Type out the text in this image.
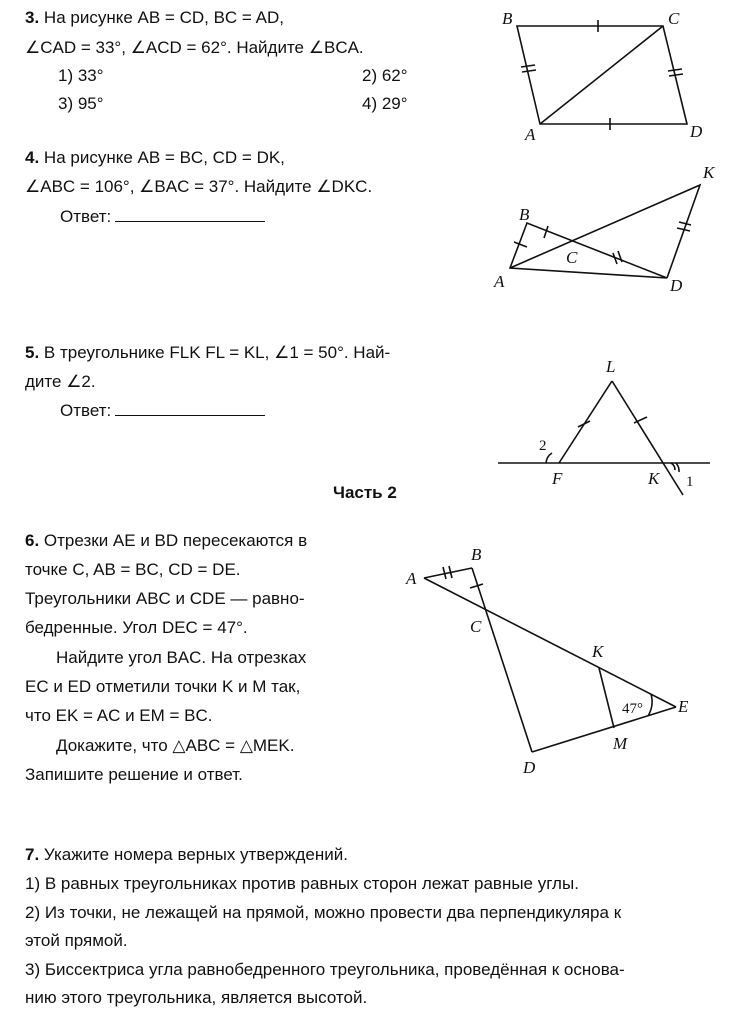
3. На рисунке AB = CD, BC = AD,
∠CAD = 33°, ∠ACD = 62°. Найдите ∠BCA.
1) 33°	2) 62°
3) 95°	4) 29°
B	C
A	D
4. На рисунке AB = BC, CD = DK,
∠ABC = 106°, ∠BAC = 37°. Найдите ∠DKC.
Ответ:
K
B
C
A	D
5. В треугольнике FLK FL = KL, ∠1 = 50°. Най-
дите ∠2.
Ответ:
L
2
F	K 1
Часть 2
6. Отрезки AE и BD пересекаются в
точке C, AB = BC, CD = DE.
Треугольники ABC и CDE — равно-
бедренные. Угол DEC = 47°.
Найдите угол BAC. На отрезках
EC и ED отметили точки K и M так,
что EK = AC и EM = BC.
Докажите, что △ABC = △MEK.
Запишите решение и ответ.
B
A
C
K
E
47°
M
D
7. Укажите номера верных утверждений.
1) В равных треугольниках против равных сторон лежат равные углы.
2) Из точки, не лежащей на прямой, можно провести два перпендикуляра к
этой прямой.
3) Биссектриса угла равнобедренного треугольника, проведённая к основа-
нию этого треугольника, является высотой.
